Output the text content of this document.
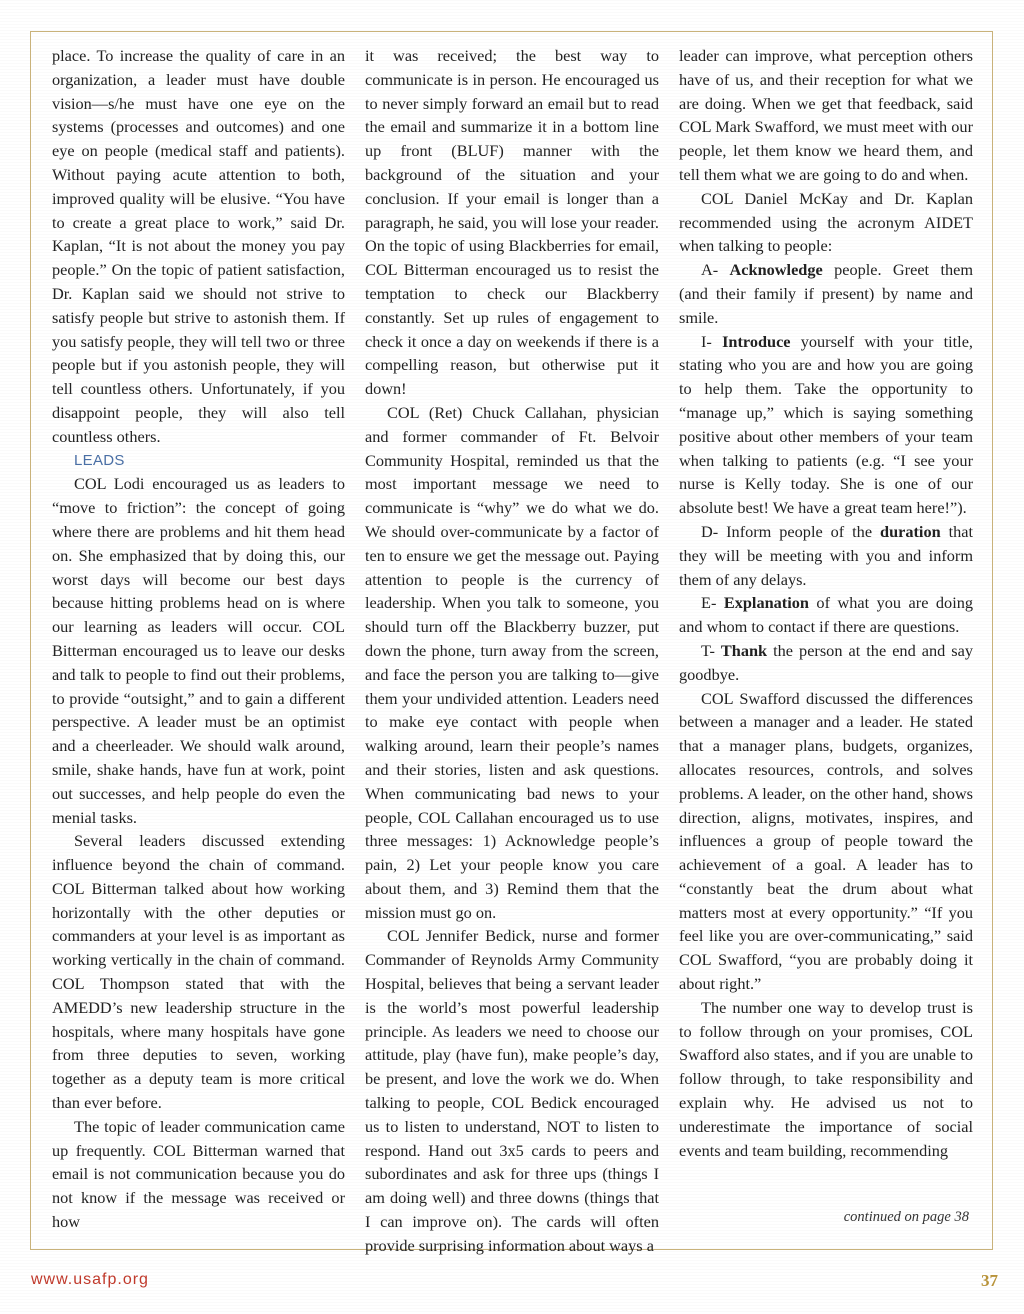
place. To increase the quality of care in an organization, a leader must have double vision—s/he must have one eye on the systems (processes and outcomes) and one eye on people (medical staff and patients). Without paying acute attention to both, improved quality will be elusive. “You have to create a great place to work,” said Dr. Kaplan, “It is not about the money you pay people.” On the topic of patient satisfaction, Dr. Kaplan said we should not strive to satisfy people but strive to astonish them. If you satisfy people, they will tell two or three people but if you astonish people, they will tell countless others. Unfortunately, if you disappoint people, they will also tell countless others.

LEADS

COL Lodi encouraged us as leaders to “move to friction”: the concept of going where there are problems and hit them head on. She emphasized that by doing this, our worst days will become our best days because hitting problems head on is where our learning as leaders will occur. COL Bitterman encouraged us to leave our desks and talk to people to find out their problems, to provide “outsight,” and to gain a different perspective. A leader must be an optimist and a cheerleader. We should walk around, smile, shake hands, have fun at work, point out successes, and help people do even the menial tasks.

Several leaders discussed extending influence beyond the chain of command. COL Bitterman talked about how working horizontally with the other deputies or commanders at your level is as important as working vertically in the chain of command. COL Thompson stated that with the AMEDD’s new leadership structure in the hospitals, where many hospitals have gone from three deputies to seven, working together as a deputy team is more critical than ever before.

The topic of leader communication came up frequently. COL Bitterman warned that email is not communication because you do not know if the message was received or how

it was received; the best way to communicate is in person. He encouraged us to never simply forward an email but to read the email and summarize it in a bottom line up front (BLUF) manner with the background of the situation and your conclusion. If your email is longer than a paragraph, he said, you will lose your reader. On the topic of using Blackberries for email, COL Bitterman encouraged us to resist the temptation to check our Blackberry constantly. Set up rules of engagement to check it once a day on weekends if there is a compelling reason, but otherwise put it down!

COL (Ret) Chuck Callahan, physician and former commander of Ft. Belvoir Community Hospital, reminded us that the most important message we need to communicate is “why” we do what we do. We should over-communicate by a factor of ten to ensure we get the message out. Paying attention to people is the currency of leadership. When you talk to someone, you should turn off the Blackberry buzzer, put down the phone, turn away from the screen, and face the person you are talking to—give them your undivided attention. Leaders need to make eye contact with people when walking around, learn their people’s names and their stories, listen and ask questions. When communicating bad news to your people, COL Callahan encouraged us to use three messages: 1) Acknowledge people’s pain, 2) Let your people know you care about them, and 3) Remind them that the mission must go on.

COL Jennifer Bedick, nurse and former Commander of Reynolds Army Community Hospital, believes that being a servant leader is the world’s most powerful leadership principle. As leaders we need to choose our attitude, play (have fun), make people’s day, be present, and love the work we do. When talking to people, COL Bedick encouraged us to listen to understand, NOT to listen to respond. Hand out 3x5 cards to peers and subordinates and ask for three ups (things I am doing well) and three downs (things that I can improve on). The cards will often provide surprising information about ways a

leader can improve, what perception others have of us, and their reception for what we are doing. When we get that feedback, said COL Mark Swafford, we must meet with our people, let them know we heard them, and tell them what we are going to do and when.

COL Daniel McKay and Dr. Kaplan recommended using the acronym AIDET when talking to people:

A- Acknowledge people. Greet them (and their family if present) by name and smile.

I- Introduce yourself with your title, stating who you are and how you are going to help them. Take the opportunity to “manage up,” which is saying something positive about other members of your team when talking to patients (e.g. “I see your nurse is Kelly today. She is one of our absolute best! We have a great team here!”).

D- Inform people of the duration that they will be meeting with you and inform them of any delays.

E- Explanation of what you are doing and whom to contact if there are questions.

T- Thank the person at the end and say goodbye.

COL Swafford discussed the differences between a manager and a leader. He stated that a manager plans, budgets, organizes, allocates resources, controls, and solves problems. A leader, on the other hand, shows direction, aligns, motivates, inspires, and influences a group of people toward the achievement of a goal. A leader has to “constantly beat the drum about what matters most at every opportunity.” “If you feel like you are over-communicating,” said COL Swafford, “you are probably doing it about right.”

The number one way to develop trust is to follow through on your promises, COL Swafford also states, and if you are unable to follow through, to take responsibility and explain why. He advised us not to underestimate the importance of social events and team building, recommending

continued on page 38
www.usafp.org	37
